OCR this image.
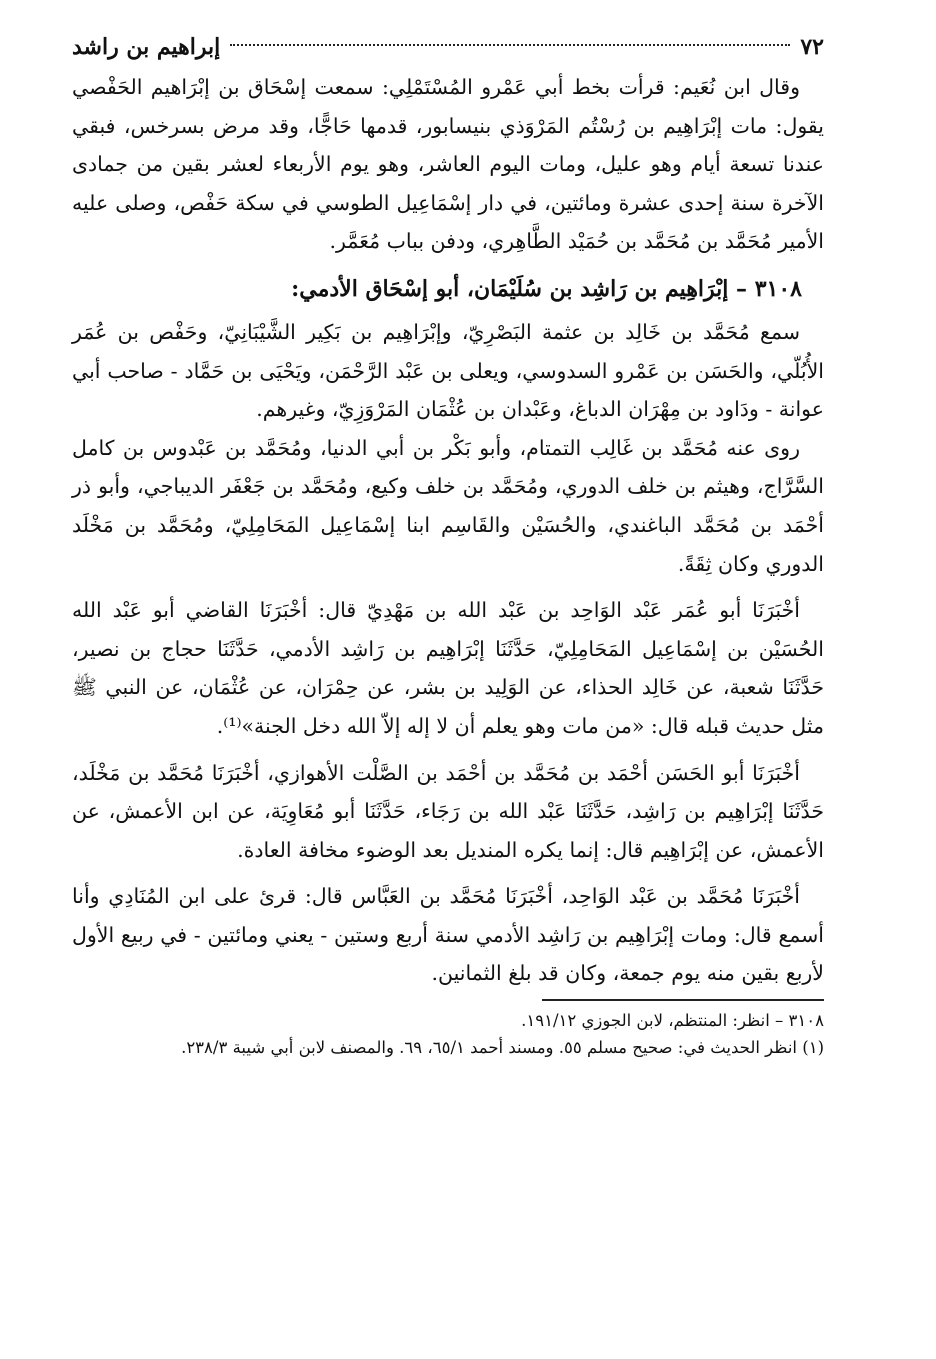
٧٢
إبراهيم بن راشد

وقال ابن نُعَيم: قرأت بخط أبي عَمْرو المُسْتَمْلِي: سمعت إسْحَاق بن إبْرَاهيم الحَفْصي يقول: مات إبْرَاهِيم بن رُسْتُم المَرْوَذي بنيسابور، قدمها حَاجًّا، وقد مرض بسرخس، فبقي عندنا تسعة أيام وهو عليل، ومات اليوم العاشر، وهو يوم الأربعاء لعشر بقين من جمادى الآخرة سنة إحدى عشرة ومائتين، في دار إسْمَاعِيل الطوسي في سكة حَفْص، وصلى عليه الأمير مُحَمَّد بن مُحَمَّد بن حُمَيْد الطَّاهِري، ودفن بباب مُعَمَّر.

٣١٠٨ – إبْرَاهِيم بن رَاشِد بن سُلَيْمَان، أبو إسْحَاق الأدمي:

سمع مُحَمَّد بن خَالِد بن عثمة البَصْرِيّ، وإبْرَاهِيم بن بَكِير الشَّيْبَانِيّ، وحَفْص بن عُمَر الأُبُلّي، والحَسَن بن عَمْرو السدوسي، ويعلى بن عَبْد الرَّحْمَن، ويَحْيَى بن حَمَّاد - صاحب أبي عوانة - ودَاود بن مِهْرَان الدباغ، وعَبْدان بن عُثْمَان المَرْوَزِيّ، وغيرهم.

روى عنه مُحَمَّد بن غَالِب التمتام، وأبو بَكْر بن أبي الدنيا، ومُحَمَّد بن عَبْدوس بن كامل السَّرَّاج، وهيثم بن خلف الدوري، ومُحَمَّد بن خلف وكيع، ومُحَمَّد بن جَعْفَر الديباجي، وأبو ذر أحْمَد بن مُحَمَّد الباغندي، والحُسَيْن والقَاسِم ابنا إسْمَاعِيل المَحَامِلِيّ، ومُحَمَّد بن مَخْلَد الدوري وكان ثِقَةً.

أخْبَرَنَا أبو عُمَر عَبْد الوَاحِد بن عَبْد الله بن مَهْدِيّ قال: أخْبَرَنَا القاضي أبو عَبْد الله الحُسَيْن بن إسْمَاعِيل المَحَامِلِيّ، حَدَّثَنَا إبْرَاهِيم بن رَاشِد الأدمي، حَدَّثَنَا حجاج بن نصير، حَدَّثَنَا شعبة، عن خَالِد الحذاء، عن الوَلِيد بن بشر، عن حِمْرَان، عن عُثْمَان، عن النبي ﷺ مثل حديث قبله قال: «من مات وهو يعلم أن لا إله إلاّ الله دخل الجنة»⁽¹⁾.

أخْبَرَنَا أبو الحَسَن أحْمَد بن مُحَمَّد بن أحْمَد بن الصَّلْت الأهوازي، أخْبَرَنَا مُحَمَّد بن مَخْلَد، حَدَّثَنَا إبْرَاهِيم بن رَاشِد، حَدَّثَنَا عَبْد الله بن رَجَاء، حَدَّثَنَا أبو مُعَاوِيَة، عن ابن الأعمش، عن الأعمش، عن إبْرَاهِيم قال: إنما يكره المنديل بعد الوضوء مخافة العادة.

أخْبَرَنَا مُحَمَّد بن عَبْد الوَاحِد، أخْبَرَنَا مُحَمَّد بن العَبَّاس قال: قرئ على ابن المُنَادِي وأنا أسمع قال: ومات إبْرَاهِيم بن رَاشِد الأدمي سنة أربع وستين - يعني ومائتين - في ربيع الأول لأربع بقين منه يوم جمعة، وكان قد بلغ الثمانين.

٣١٠٨ – انظر: المنتظم، لابن الجوزي ١٩١/١٢.

(١) انظر الحديث في: صحيح مسلم ٥٥. ومسند أحمد ٦٥/١، ٦٩. والمصنف لابن أبي شيبة ٢٣٨/٣.
